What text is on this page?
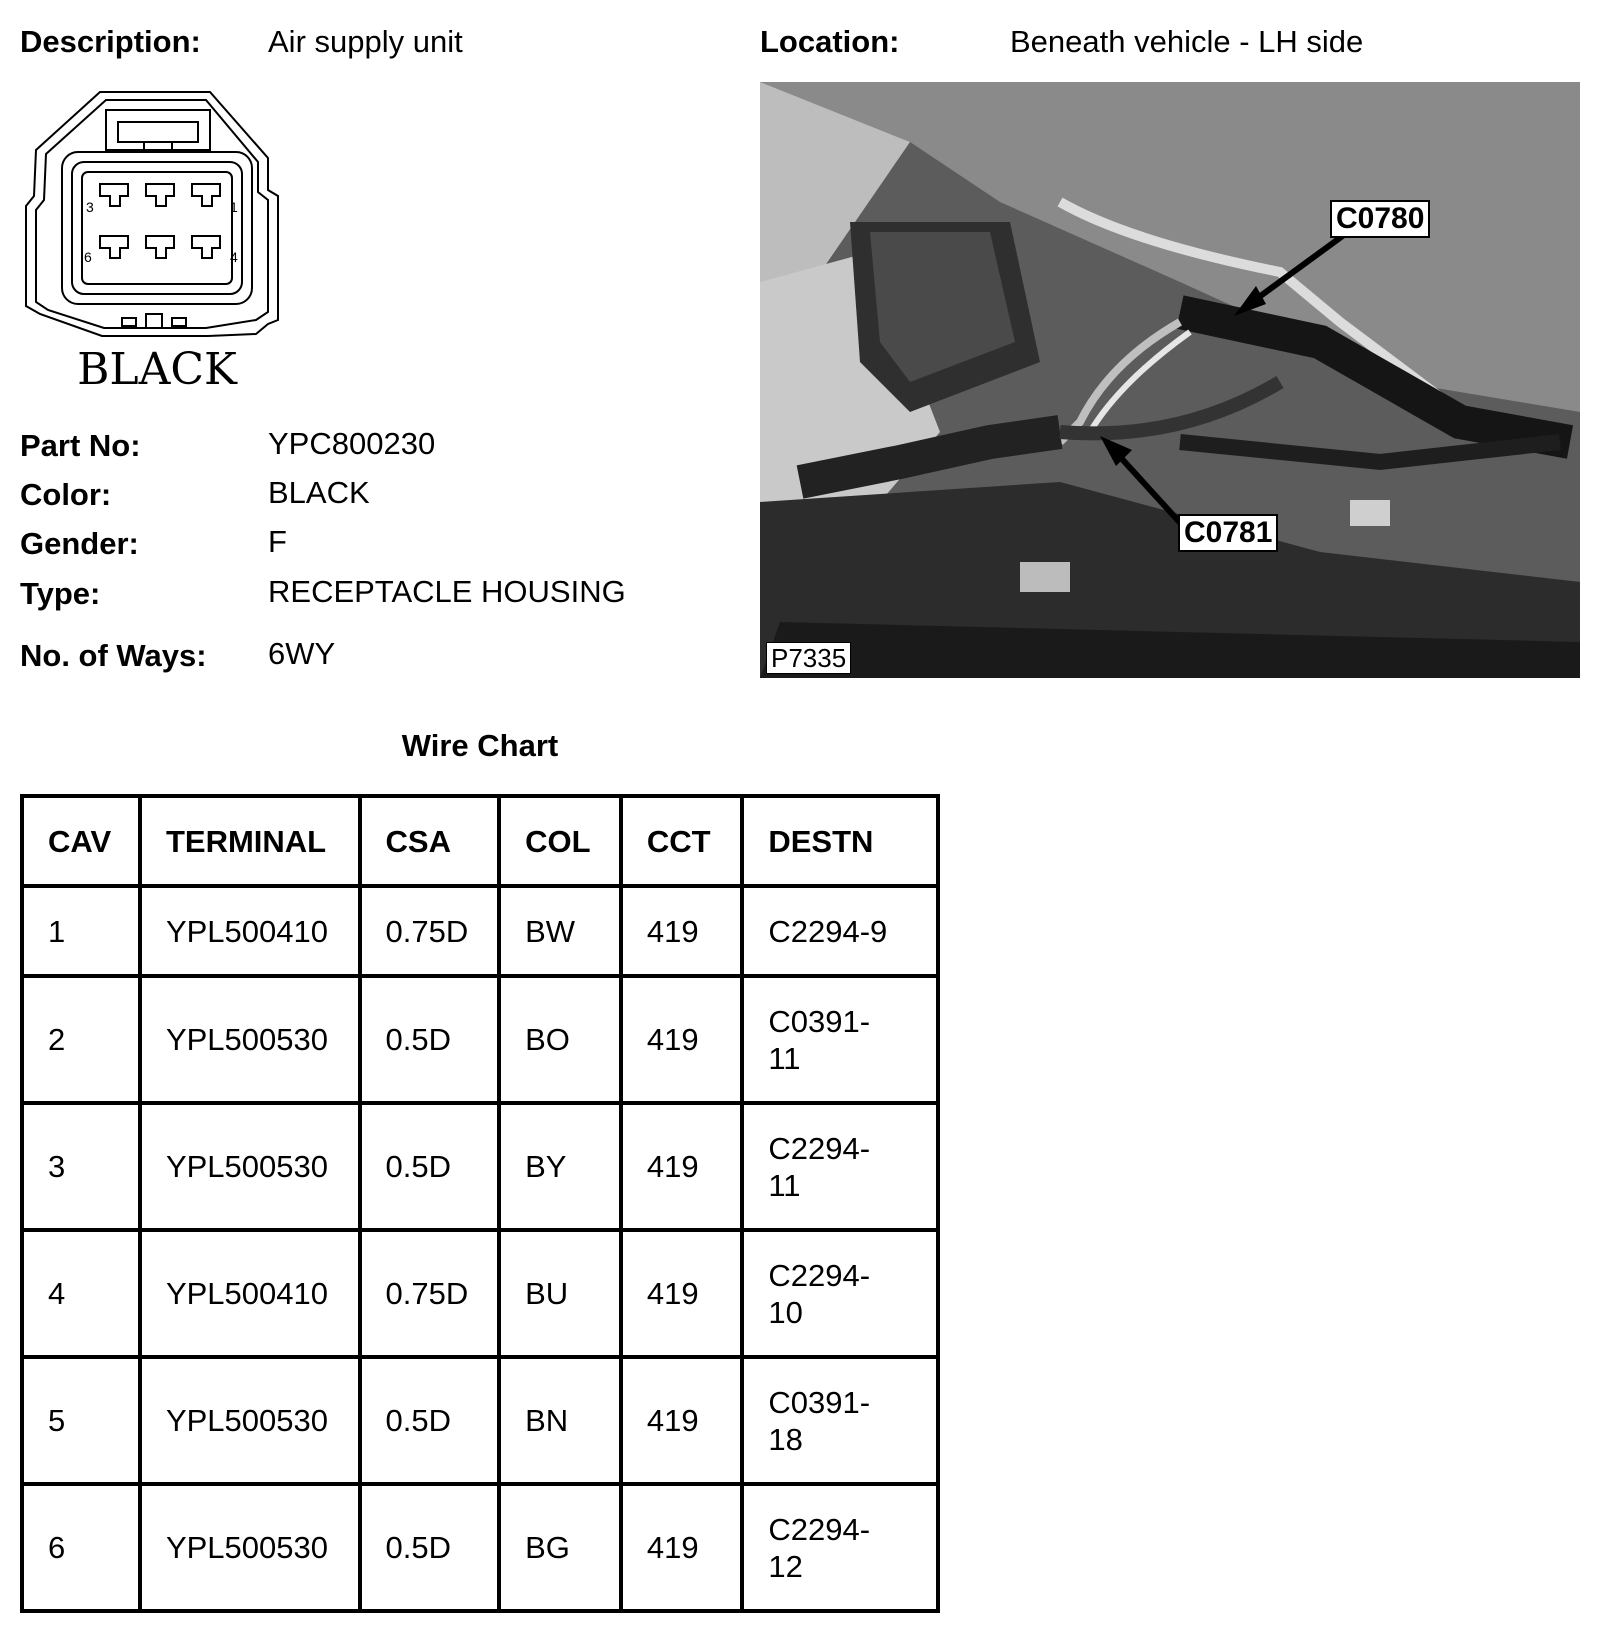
Description: Air supply unit	Location:	Beneath vehicle - LH side
3	1
6	4
BLACK
Part No:	YPC800230
Color:	BLACK
Gender:	F
Type:	RECEPTACLE HOUSING
No. of Ways: 6WY
C0780
C0781
P7335
Wire Chart
CAV	TERMINAL	CSA	COL	CCT	DESTN
1	YPL500410	0.75D	BW	419	C2294-9
2	YPL500530	0.5D	BO	419	C0391-11

3	YPL500530	0.5D	BY	419	C2294-11

4	YPL500410	0.75D	BU	419	C2294-10

5	YPL500530	0.5D	BN	419	C0391-18

6	YPL500530	0.5D	BG	419	C2294-12
